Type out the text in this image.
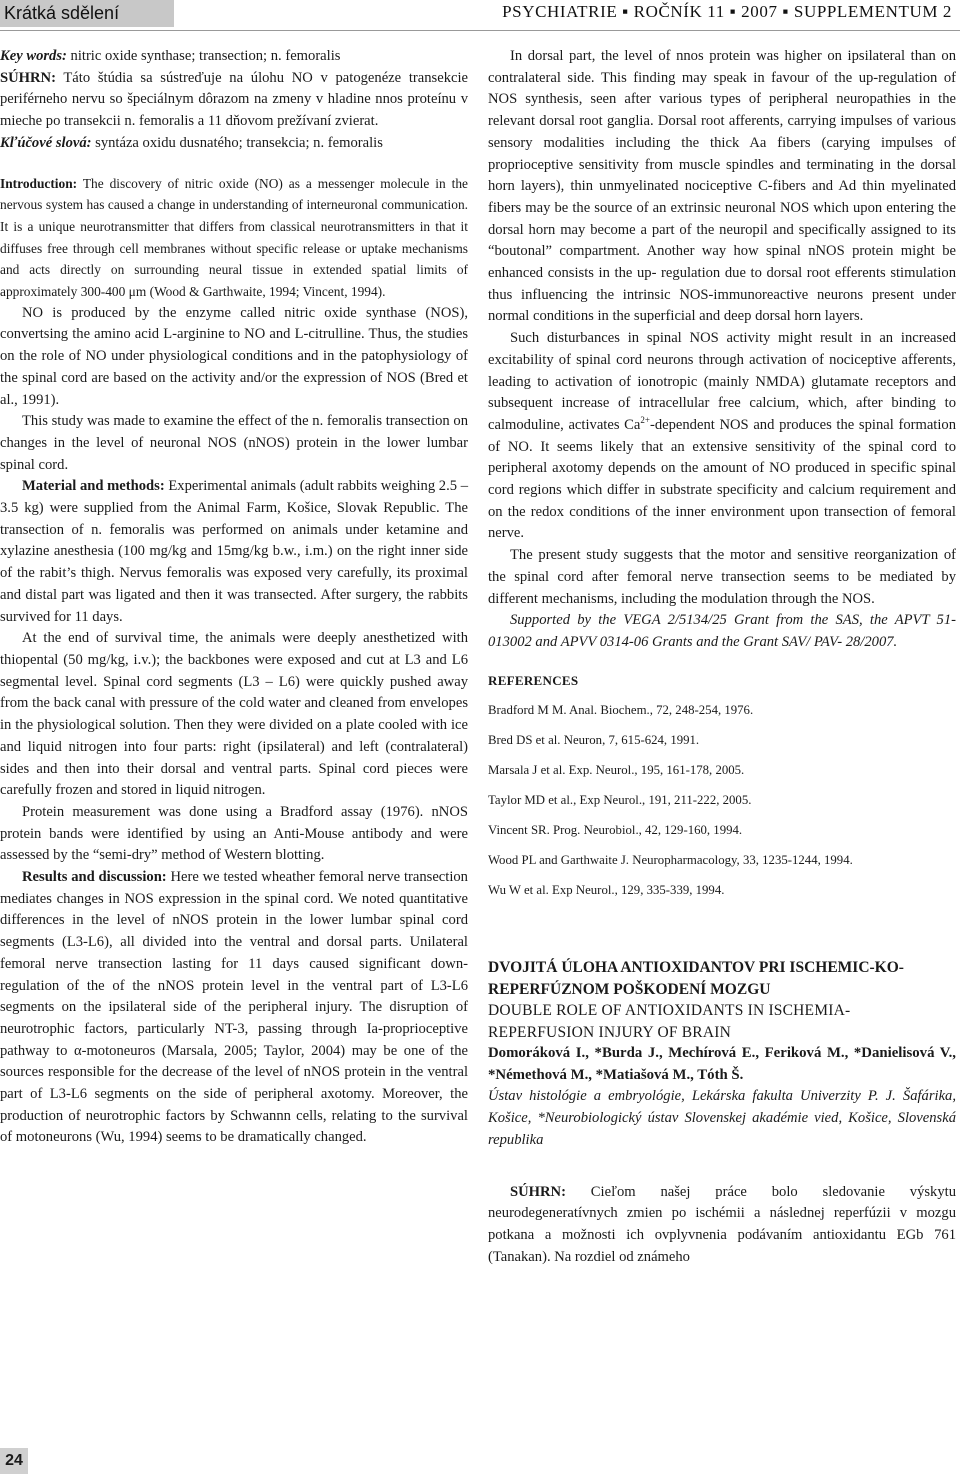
Krátká sdělení	PSYCHIATRIE ▪ ROČNÍK 11 ▪ 2007 ▪ SUPPLEMENTUM 2

Key words: nitric oxide synthase; transection; n. femoralis

SÚHRN: Táto štúdia sa sústreďuje na úlohu NO v patogenéze transekcie periférneho nervu so špeciálnym dôrazom na zmeny v hladine nnos proteínu v mieche po transekcii n. femoralis a 11 dňovom prežívaní zvierat.

Kľúčové slová: syntáza oxidu dusnatého; transekcia; n. femoralis

Introduction: The discovery of nitric oxide (NO) as a messenger molecule in the nervous system has caused a change in understanding of interneuronal communication. It is a unique neurotransmitter that differs from classical neurotransmitters in that it diffuses free through cell membranes without specific release or uptake mechanisms and acts directly on surrounding neural tissue in extended spatial limits of approximately 300-400 μm (Wood & Garthwaite, 1994; Vincent, 1994).

NO is produced by the enzyme called nitric oxide synthase (NOS), convertsing the amino acid L-arginine to NO and L-citrulline. Thus, the studies on the role of NO under physiological conditions and in the patophysiology of the spinal cord are based on the activity and/or the expression of NOS (Bred et al., 1991).

This study was made to examine the effect of the n. femoralis transection on changes in the level of neuronal NOS (nNOS) protein in the lower lumbar spinal cord.

Material and methods: Experimental animals (adult rabbits weighing 2.5 – 3.5 kg) were supplied from the Animal Farm, Košice, Slovak Republic. The transection of n. femoralis was performed on animals under ketamine and xylazine anesthesia (100 mg/kg and 15mg/kg b.w., i.m.) on the right inner side of the rabit’s thigh. Nervus femoralis was exposed very carefully, its proximal and distal part was ligated and then it was transected. After surgery, the rabbits survived for 11 days.

At the end of survival time, the animals were deeply anesthetized with thiopental (50 mg/kg, i.v.); the backbones were exposed and cut at L3 and L6 segmental level. Spinal cord segments (L3 – L6) were quickly pushed away from the back canal with pressure of the cold water and cleaned from envelopes in the physiological solution. Then they were divided on a plate cooled with ice and liquid nitrogen into four parts: right (ipsilateral) and left (contralateral) sides and then into their dorsal and ventral parts. Spinal cord pieces were carefully frozen and stored in liquid nitrogen.

Protein measurement was done using a Bradford assay (1976). nNOS protein bands were identified by using an Anti-Mouse antibody and were assessed by the “semi-dry” method of Western blotting.

Results and discussion: Here we tested wheather femoral nerve transection mediates changes in NOS expression in the spinal cord. We noted quantitative differences in the level of nNOS protein in the lower lumbar spinal cord segments (L3-L6), all divided into the ventral and dorsal parts. Unilateral femoral nerve transection lasting for 11 days caused significant down-regulation of the of the nNOS protein level in the ventral part of L3-L6 segments on the ipsilateral side of the peripheral injury. The disruption of neurotrophic factors, particularly NT-3, passing through Ia-proprioceptive pathway to α-motoneuros (Marsala, 2005; Taylor, 2004) may be one of the sources responsible for the decrease of the level of nNOS protein in the ventral part of L3-L6 segments on the side of peripheral axotomy. Moreover, the production of neurotrophic factors by Schwannn cells, relating to the survival of motoneurons (Wu, 1994) seems to be dramatically changed.

In dorsal part, the level of nnos protein was higher on ipsilateral than on contralateral side. This finding may speak in favour of the up-regulation of NOS synthesis, seen after various types of peripheral neuropathies in the relevant dorsal root ganglia. Dorsal root afferents, carrying impulses of various sensory modalities including the thick Aa fibers (carying impulses of proprioceptive sensitivity from muscle spindles and terminating in the dorsal horn layers), thin unmyelinated nociceptive C-fibers and Ad thin myelinated fibers may be the source of an extrinsic neuronal NOS which upon entering the dorsal horn may become a part of the neuropil and specifically assigned to its “boutonal” compartment. Another way how spinal nNOS protein might be enhanced consists in the up- regulation due to dorsal root efferents stimulation thus influencing the intrinsic NOS-immunoreactive neurons present under normal conditions in the superficial and deep dorsal horn layers.

Such disturbances in spinal NOS activity might result in an increased excitability of spinal cord neurons through activation of nociceptive afferents, leading to activation of ionotropic (mainly NMDA) glutamate receptors and subsequent increase of intracellular free calcium, which, after binding to calmoduline, activates $Ca^{2+}$-dependent NOS and produces the spinal formation of NO. It seems likely that an extensive sensitivity of the spinal cord to peripheral axotomy depends on the amount of NO produced in specific spinal cord regions which differ in substrate specificity and calcium requirement and on the redox conditions of the inner environment upon transection of femoral nerve.

The present study suggests that the motor and sensitive reorganization of the spinal cord after femoral nerve transection seems to be mediated by different mechanisms, including the modulation through the NOS.

Supported by the VEGA 2/5134/25 Grant from the SAS, the APVT 51-013002 and APVV 0314-06 Grants and the Grant SAV/ PAV- 28/2007.

REFERENCES
Bradford M M. Anal. Biochem., 72, 248-254, 1976.
Bred DS et al. Neuron, 7, 615-624, 1991.
Marsala J et al. Exp. Neurol., 195, 161-178, 2005.
Taylor MD et al., Exp Neurol., 191, 211-222, 2005.
Vincent SR. Prog. Neurobiol., 42, 129-160, 1994.
Wood PL and Garthwaite J. Neuropharmacology, 33, 1235-1244, 1994.
Wu W et al. Exp Neurol., 129, 335-339, 1994.
DVOJITÁ ÚLOHA ANTIOXIDANTOV PRI ISCHEMIC-KO-REPERFÚZNOM POŠKODENÍ MOZGU
DOUBLE ROLE OF ANTIOXIDANTS IN ISCHEMIA-REPERFUSION INJURY OF BRAIN
Domoráková I., *Burda J., Mechírová E., Feriková M., *Danielisová V., *Némethová M., *Matiašová M., Tóth Š.
Ústav histológie a embryológie, Lekárska fakulta Univerzity P. J. Šafárika, Košice, *Neurobiologický ústav Slovenskej akadémie vied, Košice, Slovenská republika

SÚHRN: Cieľom našej práce bolo sledovanie výskytu neurodegeneratívnych zmien po ischémii a následnej reperfúzii v mozgu potkana a možnosti ich ovplyvnenia podávaním antioxidantu EGb 761 (Tanakan). Na rozdiel od známeho

24
